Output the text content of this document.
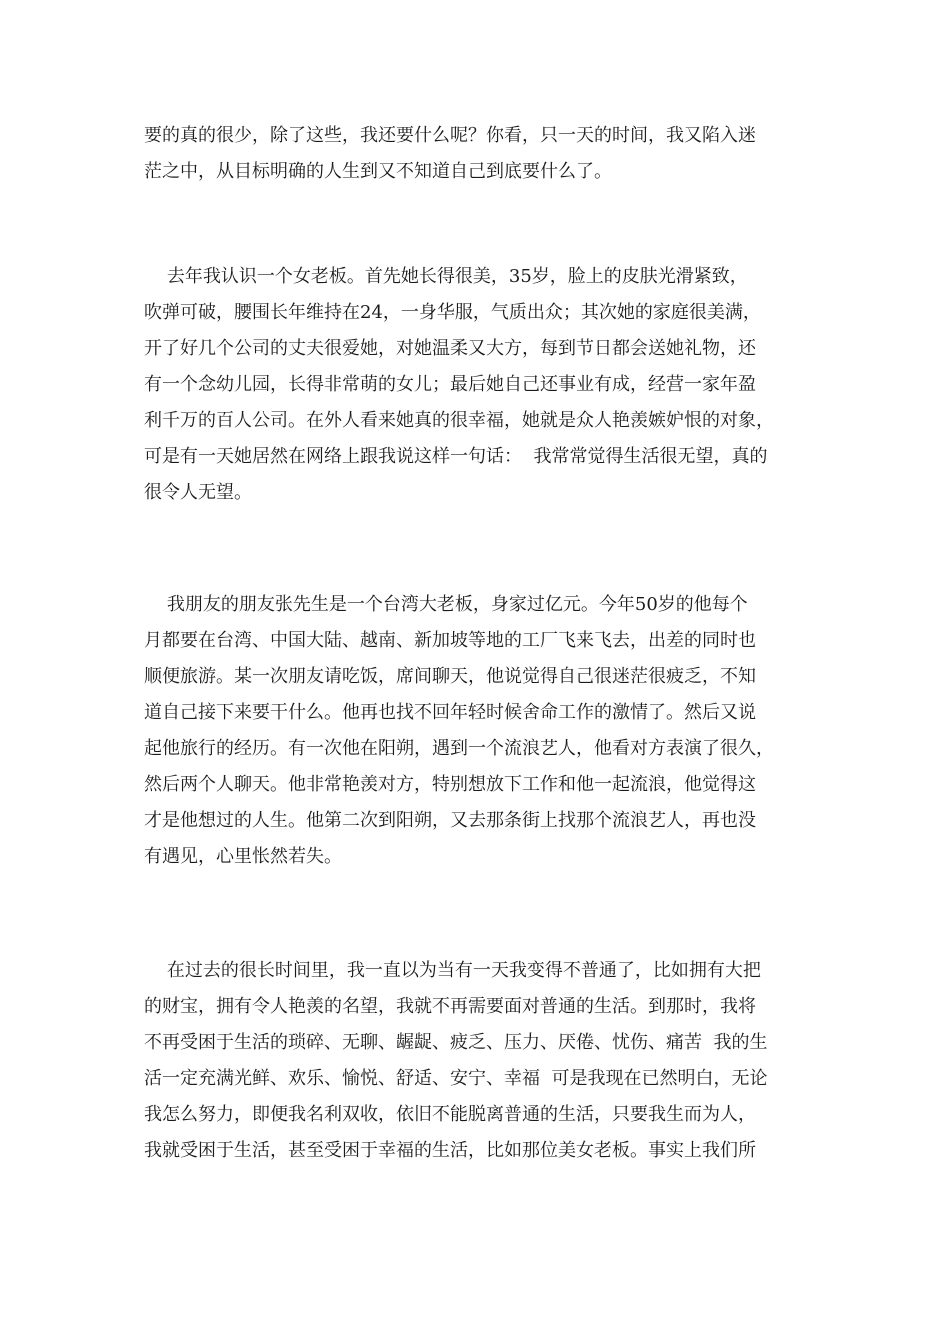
要的真的很少，除了这些，我还要什么呢？你看，只一天的时间，我又陷入迷
茫之中，从目标明确的人生到又不知道自己到底要什么了。

去年我认识一个女老板。首先她长得很美，35岁，脸上的皮肤光滑紧致，
吹弹可破，腰围长年维持在24，一身华服，气质出众；其次她的家庭很美满，
开了好几个公司的丈夫很爱她，对她温柔又大方，每到节日都会送她礼物，还
有一个念幼儿园，长得非常萌的女儿；最后她自己还事业有成，经营一家年盈
利千万的百人公司。在外人看来她真的很幸福，她就是众人艳羡嫉妒恨的对象，
可是有一天她居然在网络上跟我说这样一句话：  我常常觉得生活很无望，真的
很令人无望。

我朋友的朋友张先生是一个台湾大老板，身家过亿元。今年50岁的他每个
月都要在台湾、中国大陆、越南、新加坡等地的工厂飞来飞去，出差的同时也
顺便旅游。某一次朋友请吃饭，席间聊天，他说觉得自己很迷茫很疲乏，不知
道自己接下来要干什么。他再也找不回年轻时候舍命工作的激情了。然后又说
起他旅行的经历。有一次他在阳朔，遇到一个流浪艺人，他看对方表演了很久，
然后两个人聊天。他非常艳羡对方，特别想放下工作和他一起流浪，他觉得这
才是他想过的人生。他第二次到阳朔，又去那条街上找那个流浪艺人，再也没
有遇见，心里怅然若失。

在过去的很长时间里，我一直以为当有一天我变得不普通了，比如拥有大把
的财宝，拥有令人艳羡的名望，我就不再需要面对普通的生活。到那时，我将
不再受困于生活的琐碎、无聊、龌龊、疲乏、压力、厌倦、忧伤、痛苦  我的生
活一定充满光鲜、欢乐、愉悦、舒适、安宁、幸福  可是我现在已然明白，无论
我怎么努力，即便我名利双收，依旧不能脱离普通的生活，只要我生而为人，
我就受困于生活，甚至受困于幸福的生活，比如那位美女老板。事实上我们所
